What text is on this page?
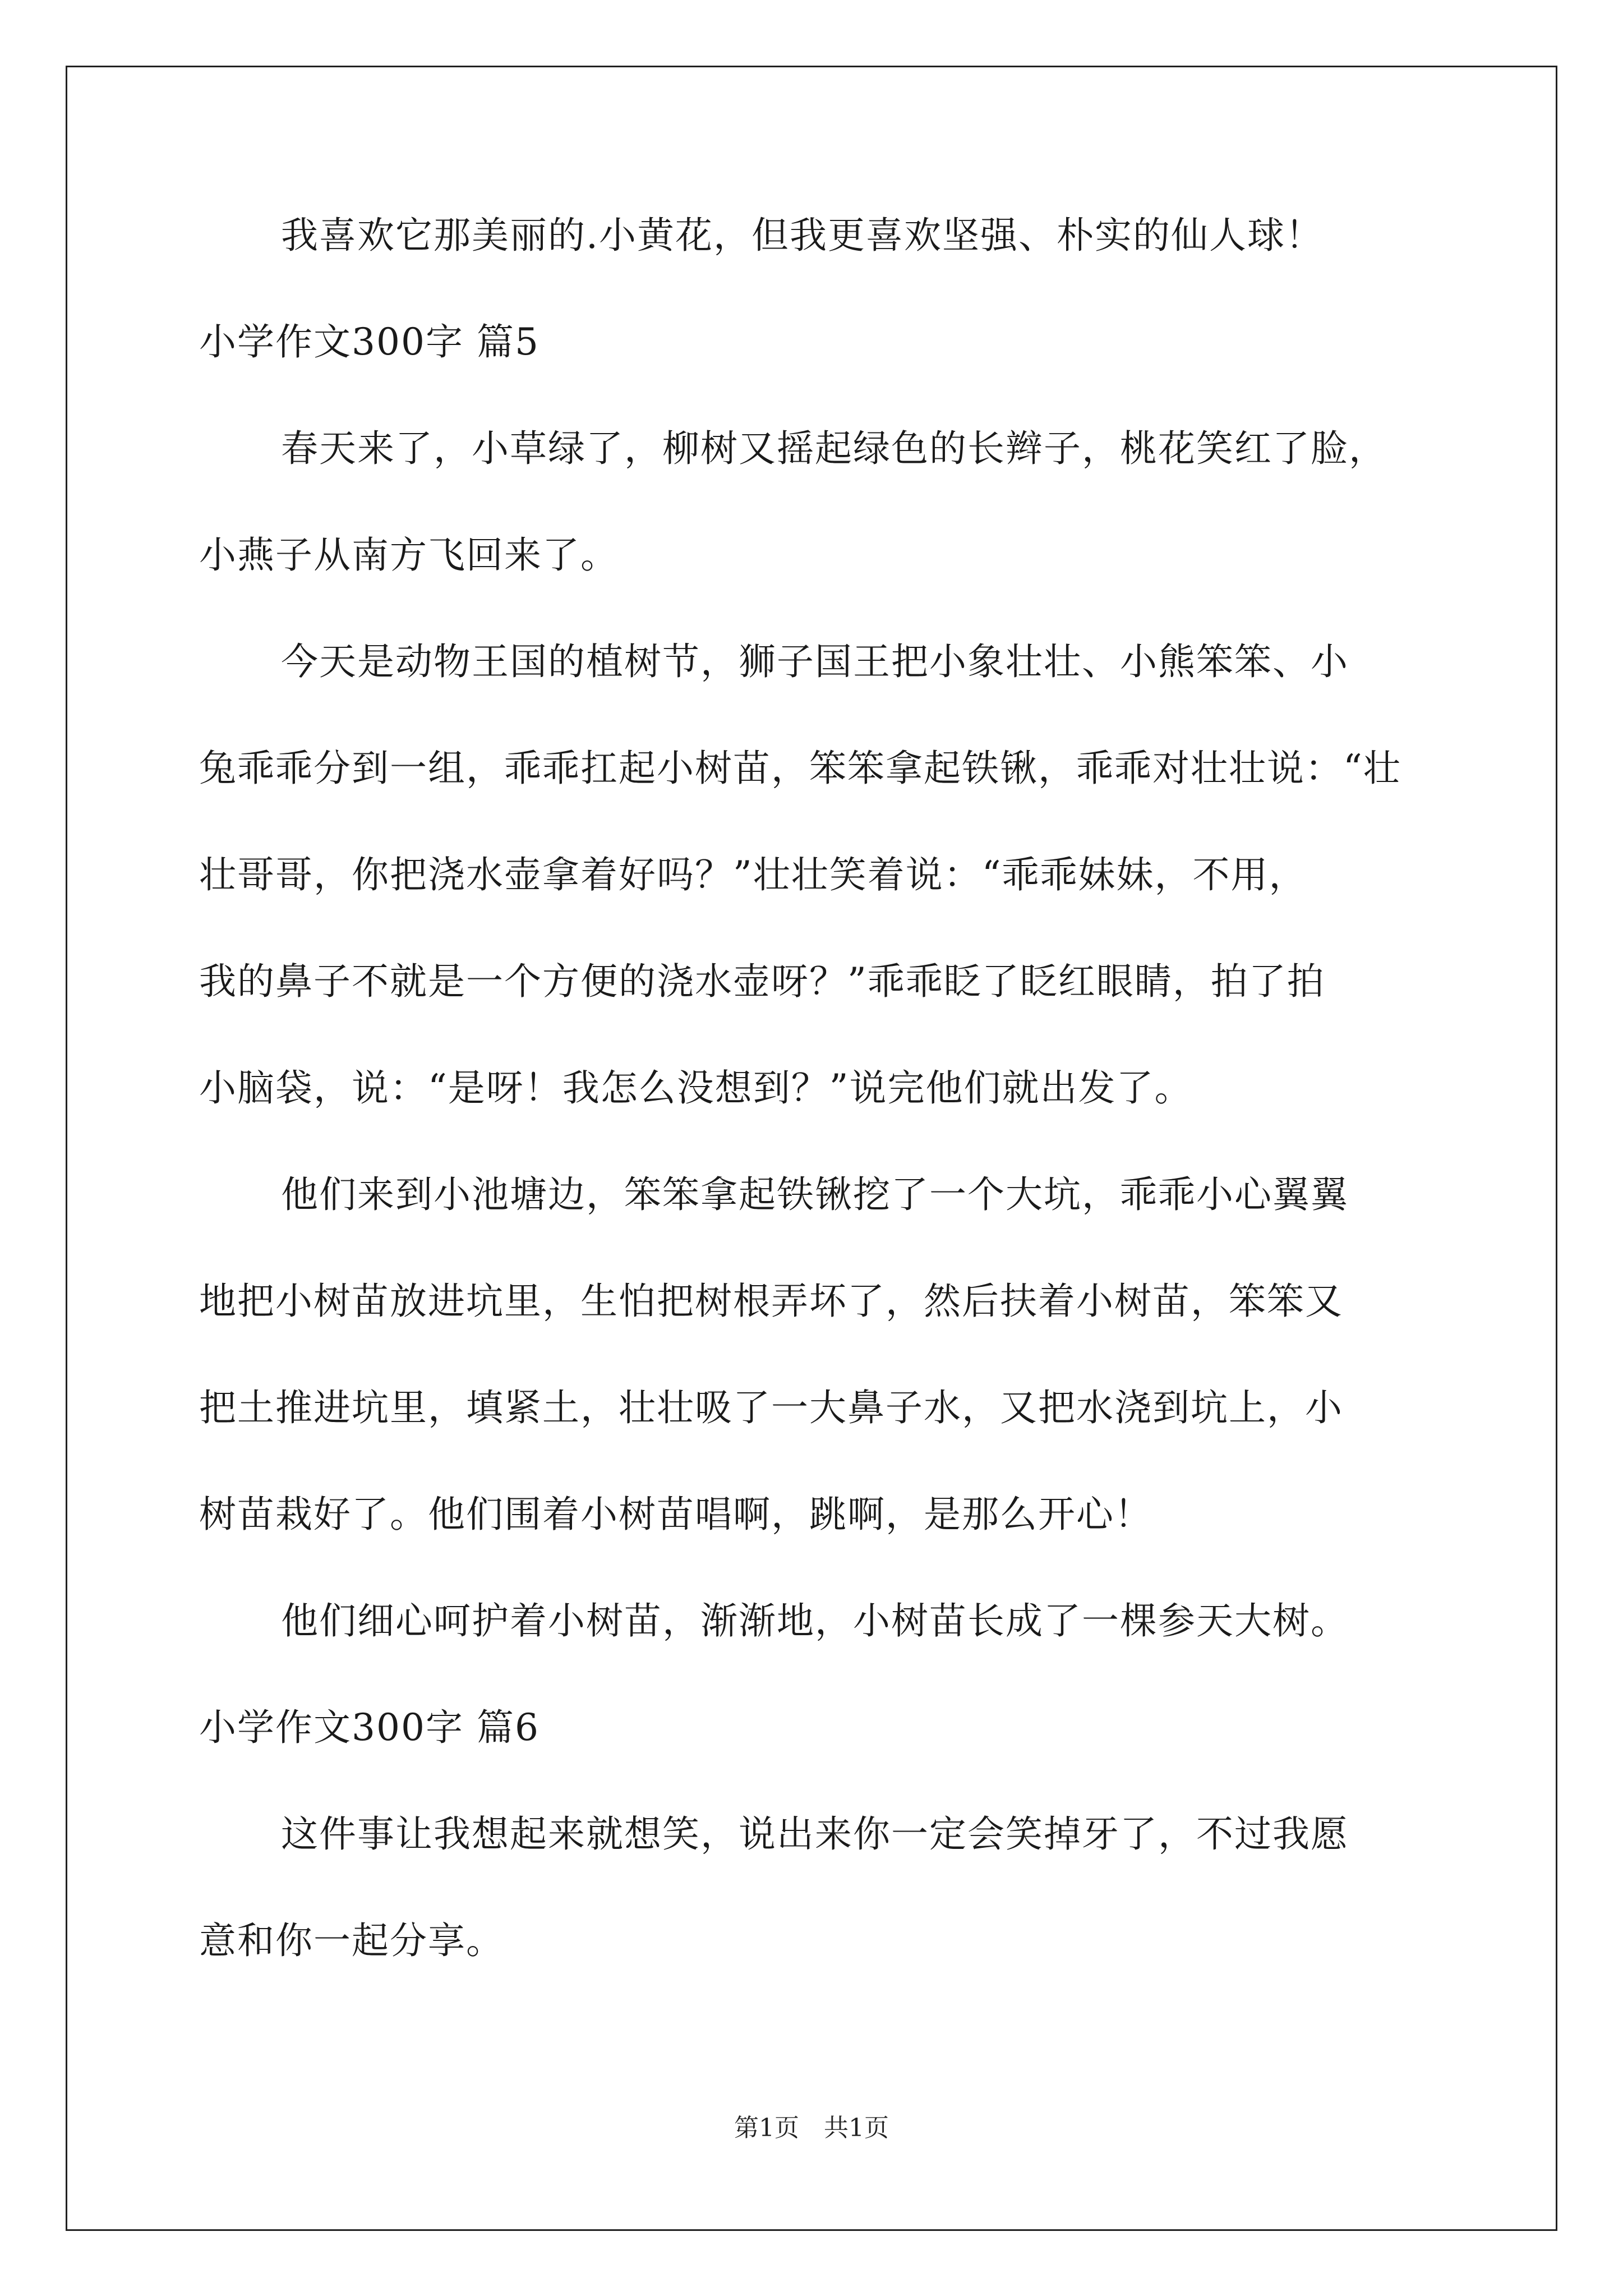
我喜欢它那美丽的.小黄花，但我更喜欢坚强、朴实的仙人球！
小学作文300字 篇5
春天来了，小草绿了，柳树又摇起绿色的长辫子，桃花笑红了脸，
小燕子从南方飞回来了。
今天是动物王国的植树节，狮子国王把小象壮壮、小熊笨笨、小
兔乖乖分到一组，乖乖扛起小树苗，笨笨拿起铁锹，乖乖对壮壮说：“壮
壮哥哥，你把浇水壶拿着好吗？”壮壮笑着说：“乖乖妹妹，不用，
我的鼻子不就是一个方便的浇水壶呀？”乖乖眨了眨红眼睛，拍了拍
小脑袋，说：“是呀！我怎么没想到？”说完他们就出发了。
他们来到小池塘边，笨笨拿起铁锹挖了一个大坑，乖乖小心翼翼
地把小树苗放进坑里，生怕把树根弄坏了，然后扶着小树苗，笨笨又
把土推进坑里，填紧土，壮壮吸了一大鼻子水，又把水浇到坑上，小
树苗栽好了。他们围着小树苗唱啊，跳啊，是那么开心！
他们细心呵护着小树苗，渐渐地，小树苗长成了一棵参天大树。
小学作文300字 篇6
这件事让我想起来就想笑，说出来你一定会笑掉牙了，不过我愿
意和你一起分享。
第1页　共1页
